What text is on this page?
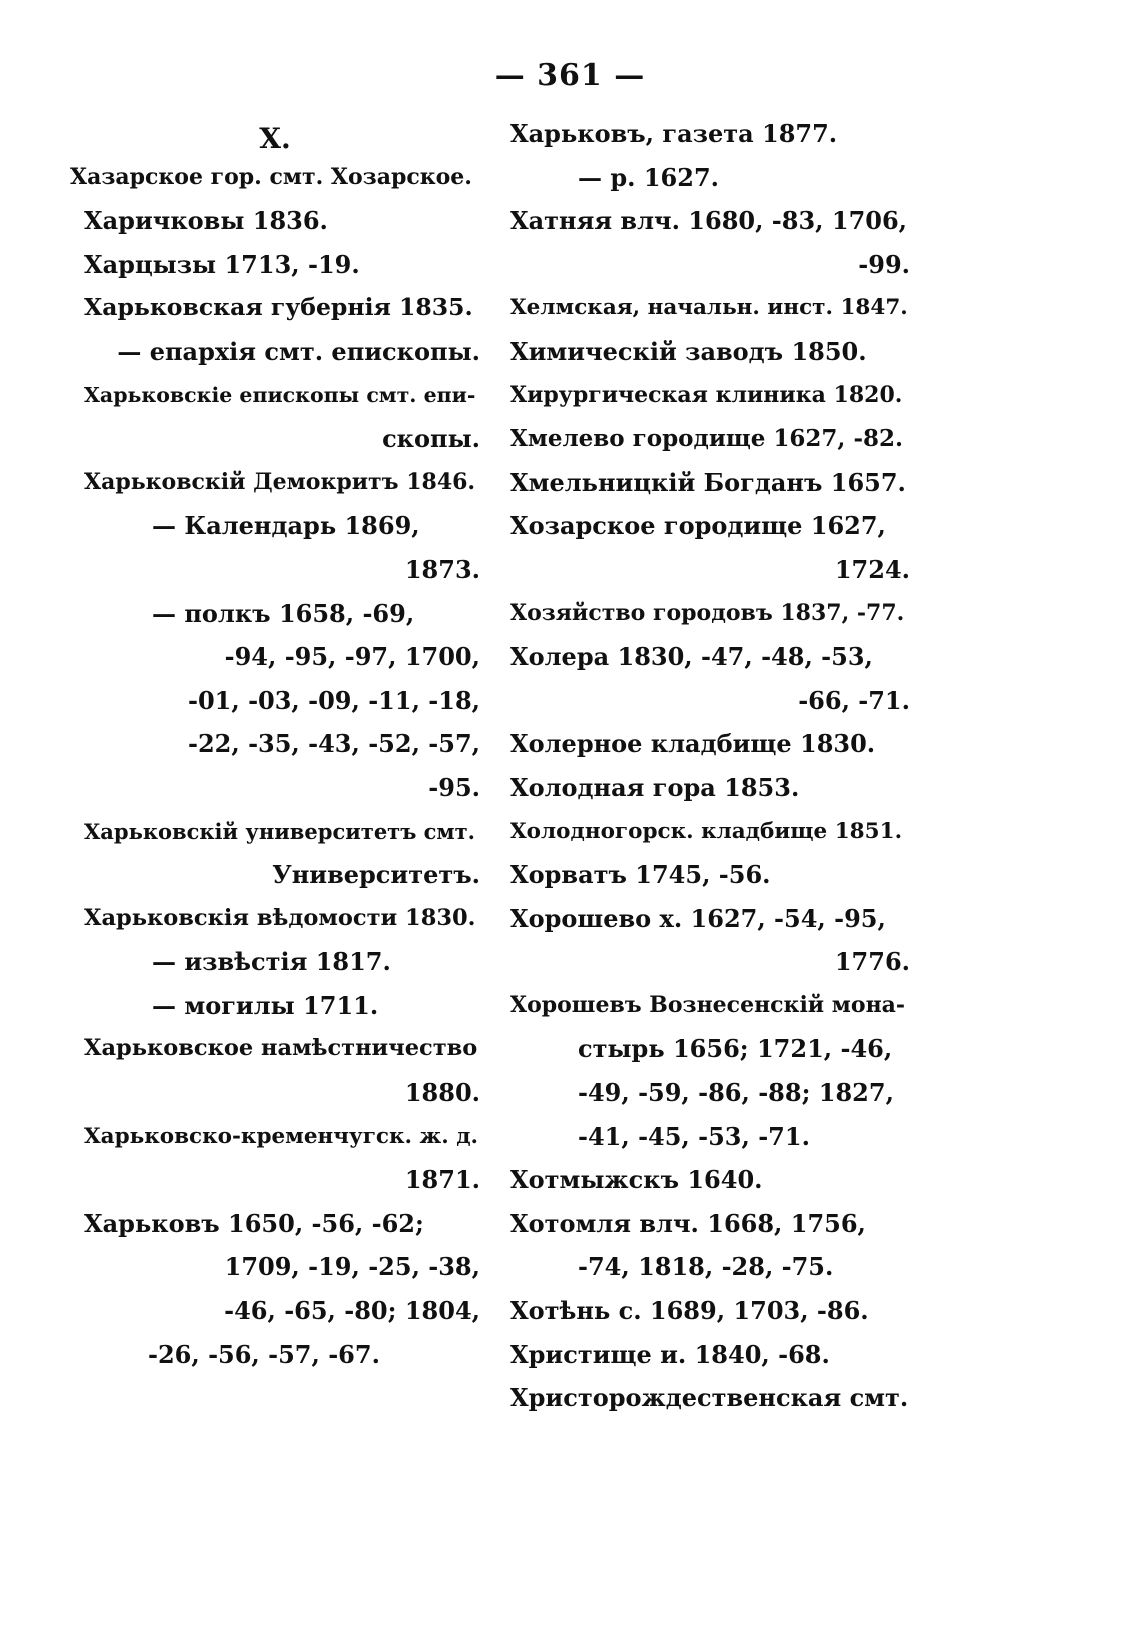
— 361 —
Х.
Хазарское гор. смт. Хозарское.
Харичковы 1836.
Харцызы 1713, -19.
Харьковская губернія 1835.
— епархія смт. епископы.
Харьковскіе епископы смт. епи-
скопы.
Харьковскій Демокритъ 1846.
— Календарь 1869,
1873.
— полкъ 1658, -69,
-94, -95, -97, 1700,
-01, -03, -09, -11, -18,
-22, -35, -43, -52, -57,
-95.
Харьковскій университетъ смт.
Университетъ.
Харьковскія вѣдомости 1830.
— извѣстія 1817.
— могилы 1711.
Харьковское намѣстничество
1880.
Харьковско-кременчугск. ж. д.
1871.
Харьковъ 1650, -56, -62;
1709, -19, -25, -38,
-46, -65, -80; 1804,
-26, -56, -57, -67.
Харьковъ, газета 1877.
— р. 1627.
Хатняя влч. 1680, -83, 1706,
-99.
Хелмская, начальн. инст. 1847.
Химическій заводъ 1850.
Хирургическая клиника 1820.
Хмелево городище 1627, -82.
Хмельницкій Богданъ 1657.
Хозарское городище 1627,
1724.
Хозяйство городовъ 1837, -77.
Холера 1830, -47, -48, -53,
-66, -71.
Холерное кладбище 1830.
Холодная гора 1853.
Холодногорск. кладбище 1851.
Хорватъ 1745, -56.
Хорошево х. 1627, -54, -95,
1776.
Хорошевъ Вознесенскій мона-
стырь 1656; 1721, -46,
-49, -59, -86, -88; 1827,
-41, -45, -53, -71.
Хотмыжскъ 1640.
Хотомля влч. 1668, 1756,
-74, 1818, -28, -75.
Хотѣнь с. 1689, 1703, -86.
Христище и. 1840, -68.
Христорождественская смт.
